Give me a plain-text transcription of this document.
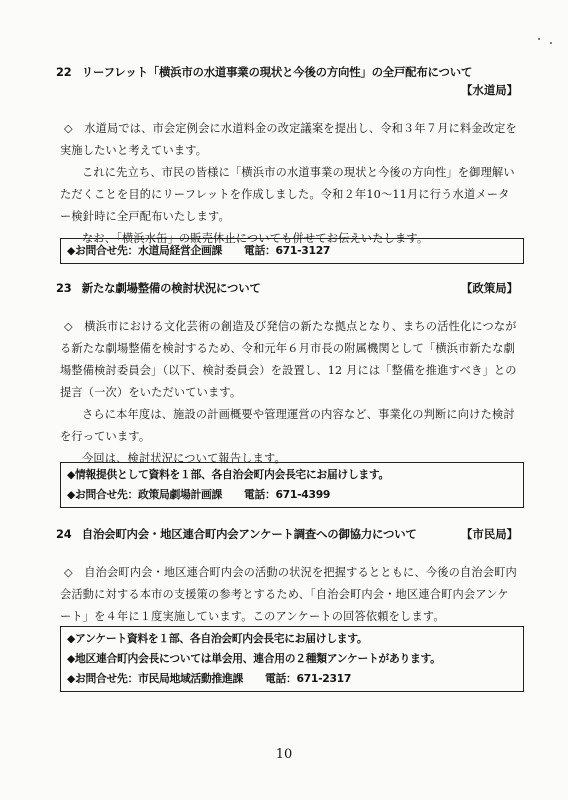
22 リーフレット「横浜市の水道事業の現状と今後の方向性」の全戸配布について
【水道局】

◇　水道局では、市会定例会に水道料金の改定議案を提出し、令和３年７月に料金改定を実施したいと考えています。

これに先立ち、市民の皆様に「横浜市の水道事業の現状と今後の方向性」を御理解いただくことを目的にリーフレットを作成しました。令和２年10～11月に行う水道メーター検針時に全戸配布いたします。

なお、「横浜水缶」の販売休止についても併せてお伝えいたします。

◆お問合せ先：水道局経営企画課 電話：671-3127
23 新たな劇場整備の検討状況について	【政策局】

◇　横浜市における文化芸術の創造及び発信の新たな拠点となり、まちの活性化につながる新たな劇場整備を検討するため、令和元年６月市長の附属機関として「横浜市新たな劇場整備検討委員会」（以下、検討委員会）を設置し、12 月には「整備を推進すべき」との提言（一次）をいただいています。

さらに本年度は、施設の計画概要や管理運営の内容など、事業化の判断に向けた検討を行っています。

今回は、検討状況について報告します。

◆情報提供として資料を１部、各自治会町内会長宅にお届けします。
◆お問合せ先：政策局劇場計画課 電話：671-4399
24 自治会町内会・地区連合町内会アンケート調査への御協力について	【市民局】

◇　自治会町内会・地区連合町内会の活動の状況を把握するとともに、今後の自治会町内会活動に対する本市の支援策の参考とするため、「自治会町内会・地区連合町内会アンケート」を４年に１度実施しています。このアンケートの回答依頼をします。

◆アンケート資料を１部、各自治会町内会長宅にお届けします。
◆地区連合町内会長については単会用、連合用の２種類アンケートがあります。
◆お問合せ先：市民局地域活動推進課 電話：671-2317
10
